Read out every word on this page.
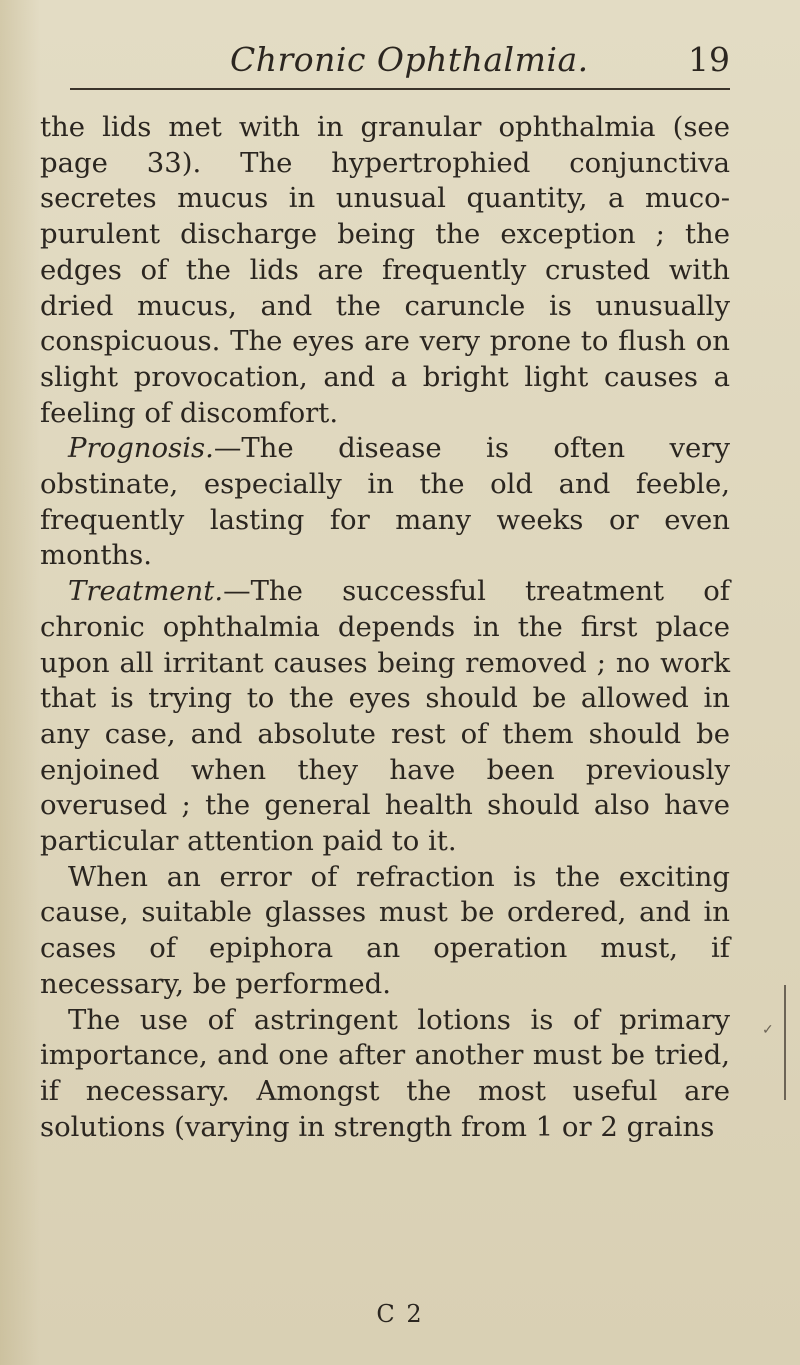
Chronic Ophthalmia.	19

the lids met with in granular ophthalmia (see page 33). The hypertrophied conjunctiva secretes mucus in unusual quantity, a muco-purulent discharge being the exception ; the edges of the lids are frequently crusted with dried mucus, and the caruncle is unusually conspicuous. The eyes are very prone to flush on slight provocation, and a bright light causes a feeling of discomfort.

Prognosis.—The disease is often very obstinate, especially in the old and feeble, frequently lasting for many weeks or even months.

Treatment.—The successful treatment of chronic ophthalmia depends in the first place upon all irritant causes being removed ; no work that is trying to the eyes should be allowed in any case, and absolute rest of them should be enjoined when they have been previously overused ; the general health should also have particular attention paid to it.

When an error of refraction is the exciting cause, suitable glasses must be ordered, and in cases of epiphora an operation must, if necessary, be performed.

The use of astringent lotions is of primary importance, and one after another must be tried, if necessary. Amongst the most useful are solutions (varying in strength from 1 or 2 grains

✓
C 2
